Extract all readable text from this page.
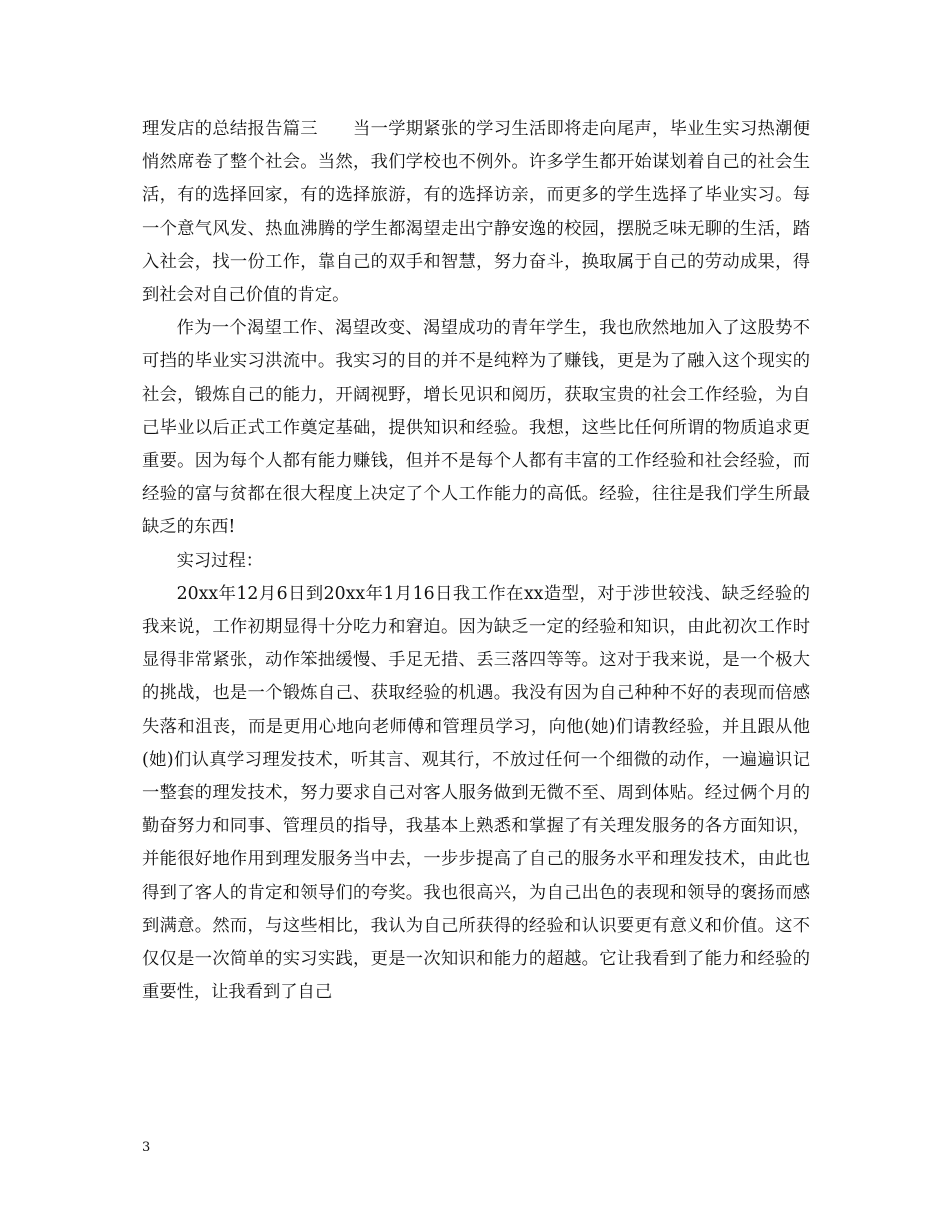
理发店的总结报告篇三　　当一学期紧张的学习生活即将走向尾声，毕业生实习热潮便悄然席卷了整个社会。当然，我们学校也不例外。许多学生都开始谋划着自己的社会生活，有的选择回家，有的选择旅游，有的选择访亲，而更多的学生选择了毕业实习。每一个意气风发、热血沸腾的学生都渴望走出宁静安逸的校园，摆脱乏味无聊的生活，踏入社会，找一份工作，靠自己的双手和智慧，努力奋斗，换取属于自己的劳动成果，得到社会对自己价值的肯定。

作为一个渴望工作、渴望改变、渴望成功的青年学生，我也欣然地加入了这股势不可挡的毕业实习洪流中。我实习的目的并不是纯粹为了赚钱，更是为了融入这个现实的社会，锻炼自己的能力，开阔视野，增长见识和阅历，获取宝贵的社会工作经验，为自己毕业以后正式工作奠定基础，提供知识和经验。我想，这些比任何所谓的物质追求更重要。因为每个人都有能力赚钱，但并不是每个人都有丰富的工作经验和社会经验，而经验的富与贫都在很大程度上决定了个人工作能力的高低。经验，往往是我们学生所最缺乏的东西!

实习过程：

20xx年12月6日到20xx年1月16日我工作在xx造型，对于涉世较浅、缺乏经验的我来说，工作初期显得十分吃力和窘迫。因为缺乏一定的经验和知识，由此初次工作时显得非常紧张，动作笨拙缓慢、手足无措、丢三落四等等。这对于我来说，是一个极大的挑战，也是一个锻炼自己、获取经验的机遇。我没有因为自己种种不好的表现而倍感失落和沮丧，而是更用心地向老师傅和管理员学习，向他(她)们请教经验，并且跟从他(她)们认真学习理发技术，听其言、观其行，不放过任何一个细微的动作，一遍遍识记一整套的理发技术，努力要求自己对客人服务做到无微不至、周到体贴。经过俩个月的勤奋努力和同事、管理员的指导，我基本上熟悉和掌握了有关理发服务的各方面知识，并能很好地作用到理发服务当中去，一步步提高了自己的服务水平和理发技术，由此也得到了客人的肯定和领导们的夸奖。我也很高兴，为自己出色的表现和领导的褒扬而感到满意。然而，与这些相比，我认为自己所获得的经验和认识要更有意义和价值。这不仅仅是一次简单的实习实践，更是一次知识和能力的超越。它让我看到了能力和经验的重要性，让我看到了自己

3
